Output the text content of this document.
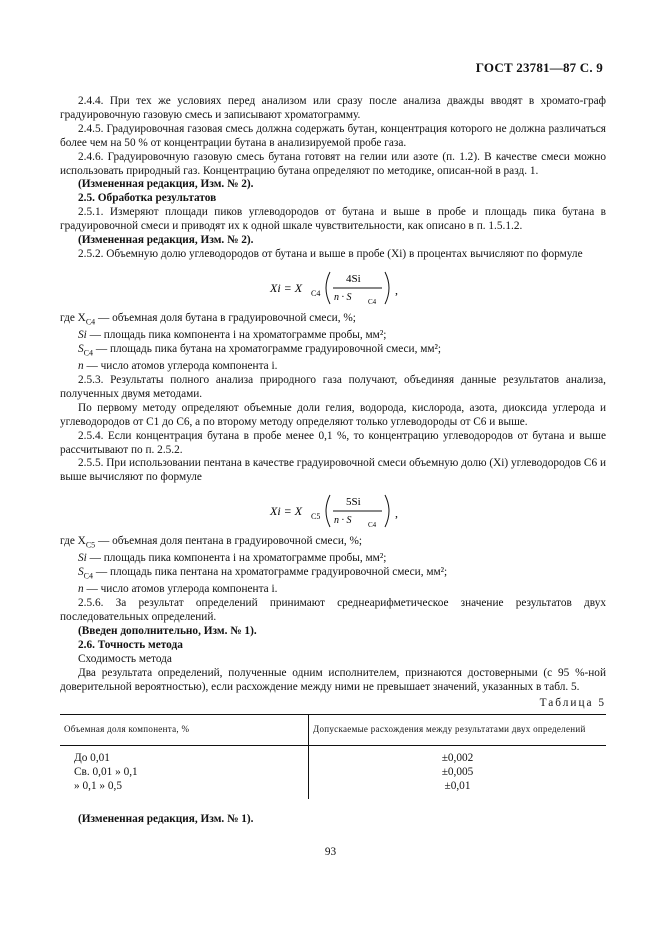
ГОСТ 23781—87 С. 9

2.4.4. При тех же условиях перед анализом или сразу после анализа дважды вводят в хромато-граф градуировочную газовую смесь и записывают хроматограмму.

2.4.5. Градуировочная газовая смесь должна содержать бутан, концентрация которого не должна различаться более чем на 50 % от концентрации бутана в анализируемой пробе газа.

2.4.6. Градуировочную газовую смесь бутана готовят на гелии или азоте (п. 1.2). В качестве смеси можно использовать природный газ. Концентрацию бутана определяют по методике, описан-ной в разд. 1.

(Измененная редакция, Изм. № 2).

2.5. Обработка результатов

2.5.1. Измеряют площади пиков углеводородов от бутана и выше в пробе и площадь пика бутана в градуировочной смеси и приводят их к одной шкале чувствительности, как описано в п. 1.5.1.2.

(Измененная редакция, Изм. № 2).

2.5.2. Объемную долю углеводородов от бутана и выше в пробе (Xi) в процентах вычисляют по формуле

Xi = X C4
4Si
n · S C4
,

где $X_{C4}$ — объемная доля бутана в градуировочной смеси, %;

Si — площадь пика компонента i на хроматограмме пробы, мм²;

$S_{C4}$ — площадь пика бутана на хроматограмме градуировочной смеси, мм²;

n — число атомов углерода компонента i.

2.5.3. Результаты полного анализа природного газа получают, объединяя данные результатов анализа, полученных двумя методами.

По первому методу определяют объемные доли гелия, водорода, кислорода, азота, диоксида углерода и углеводородов от C1 до C6, а по второму методу определяют только углеводороды от C6 и выше.

2.5.4. Если концентрация бутана в пробе менее 0,1 %, то концентрацию углеводородов от бутана и выше рассчитывают по п. 2.5.2.

2.5.5. При использовании пентана в качестве градуировочной смеси объемную долю (Xi) углеводородов C6 и выше вычисляют по формуле

Xi = X C5
5Si
n · S C4
,

где $X_{C5}$ — объемная доля пентана в градуировочной смеси, %;

Si — площадь пика компонента i на хроматограмме пробы, мм²;

$S_{C4}$ — площадь пика пентана на хроматограмме градуировочной смеси, мм²;

n — число атомов углерода компонента i.

2.5.6. За результат определений принимают среднеарифметическое значение результатов двух последовательных определений.

(Введен дополнительно, Изм. № 1).

2.6. Точность метода

Сходимость метода

Два результата определений, полученные одним исполнителем, признаются достоверными (с 95 %-ной доверительной вероятностью), если расхождение между ними не превышает значений, указанных в табл. 5.

Таблица 5
Объемная доля компонента, %	Допускаемые расхождения между результатами двух определений

До 0,01	±0,002
Св. 0,01 » 0,1	±0,005
» 0,1 » 0,5	±0,01

(Измененная редакция, Изм. № 1).

93
